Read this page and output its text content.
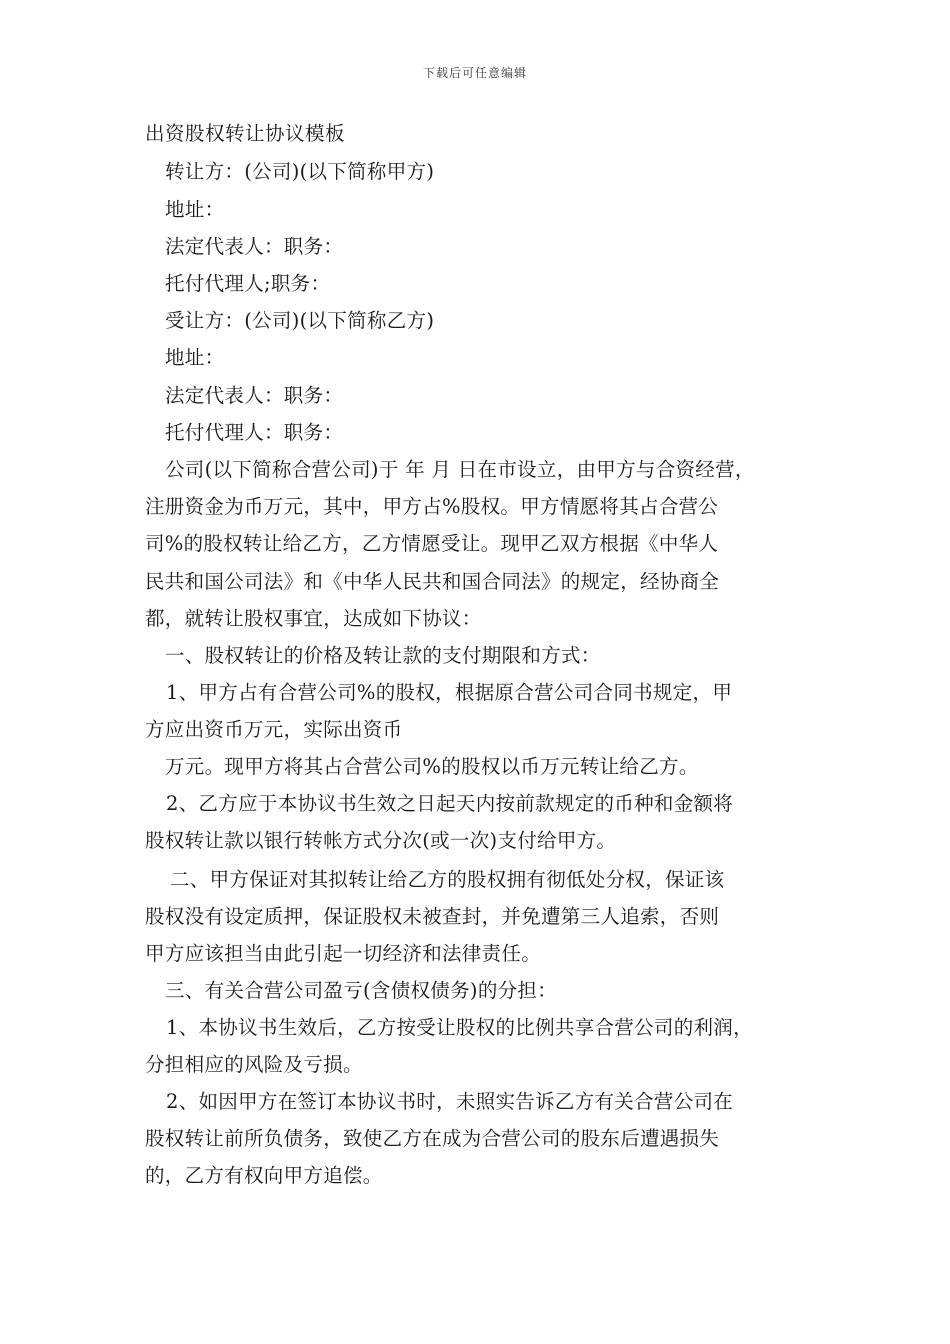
下载后可任意编辑
出资股权转让协议模板
转让方：(公司)(以下简称甲方)
地址：
法定代表人：职务：
托付代理人;职务：
受让方：(公司)(以下简称乙方)
地址：
法定代表人：职务：
托付代理人：职务：
公司(以下简称合营公司)于 年 月 日在市设立，由甲方与合资经营，
注册资金为币万元，其中，甲方占%股权。甲方情愿将其占合营公
司%的股权转让给乙方，乙方情愿受让。现甲乙双方根据《中华人
民共和国公司法》和《中华人民共和国合同法》的规定，经协商全
都，就转让股权事宜，达成如下协议：
一、股权转让的价格及转让款的支付期限和方式：
1、甲方占有合营公司%的股权，根据原合营公司合同书规定，甲
方应出资币万元，实际出资币
万元。现甲方将其占合营公司%的股权以币万元转让给乙方。
2、乙方应于本协议书生效之日起天内按前款规定的币种和金额将
股权转让款以银行转帐方式分次(或一次)支付给甲方。
二、甲方保证对其拟转让给乙方的股权拥有彻低处分权，保证该
股权没有设定质押，保证股权未被查封，并免遭第三人追索，否则
甲方应该担当由此引起一切经济和法律责任。
三、有关合营公司盈亏(含债权债务)的分担：
1、本协议书生效后，乙方按受让股权的比例共享合营公司的利润，
分担相应的风险及亏损。
2、如因甲方在签订本协议书时，未照实告诉乙方有关合营公司在
股权转让前所负债务，致使乙方在成为合营公司的股东后遭遇损失
的，乙方有权向甲方追偿。
